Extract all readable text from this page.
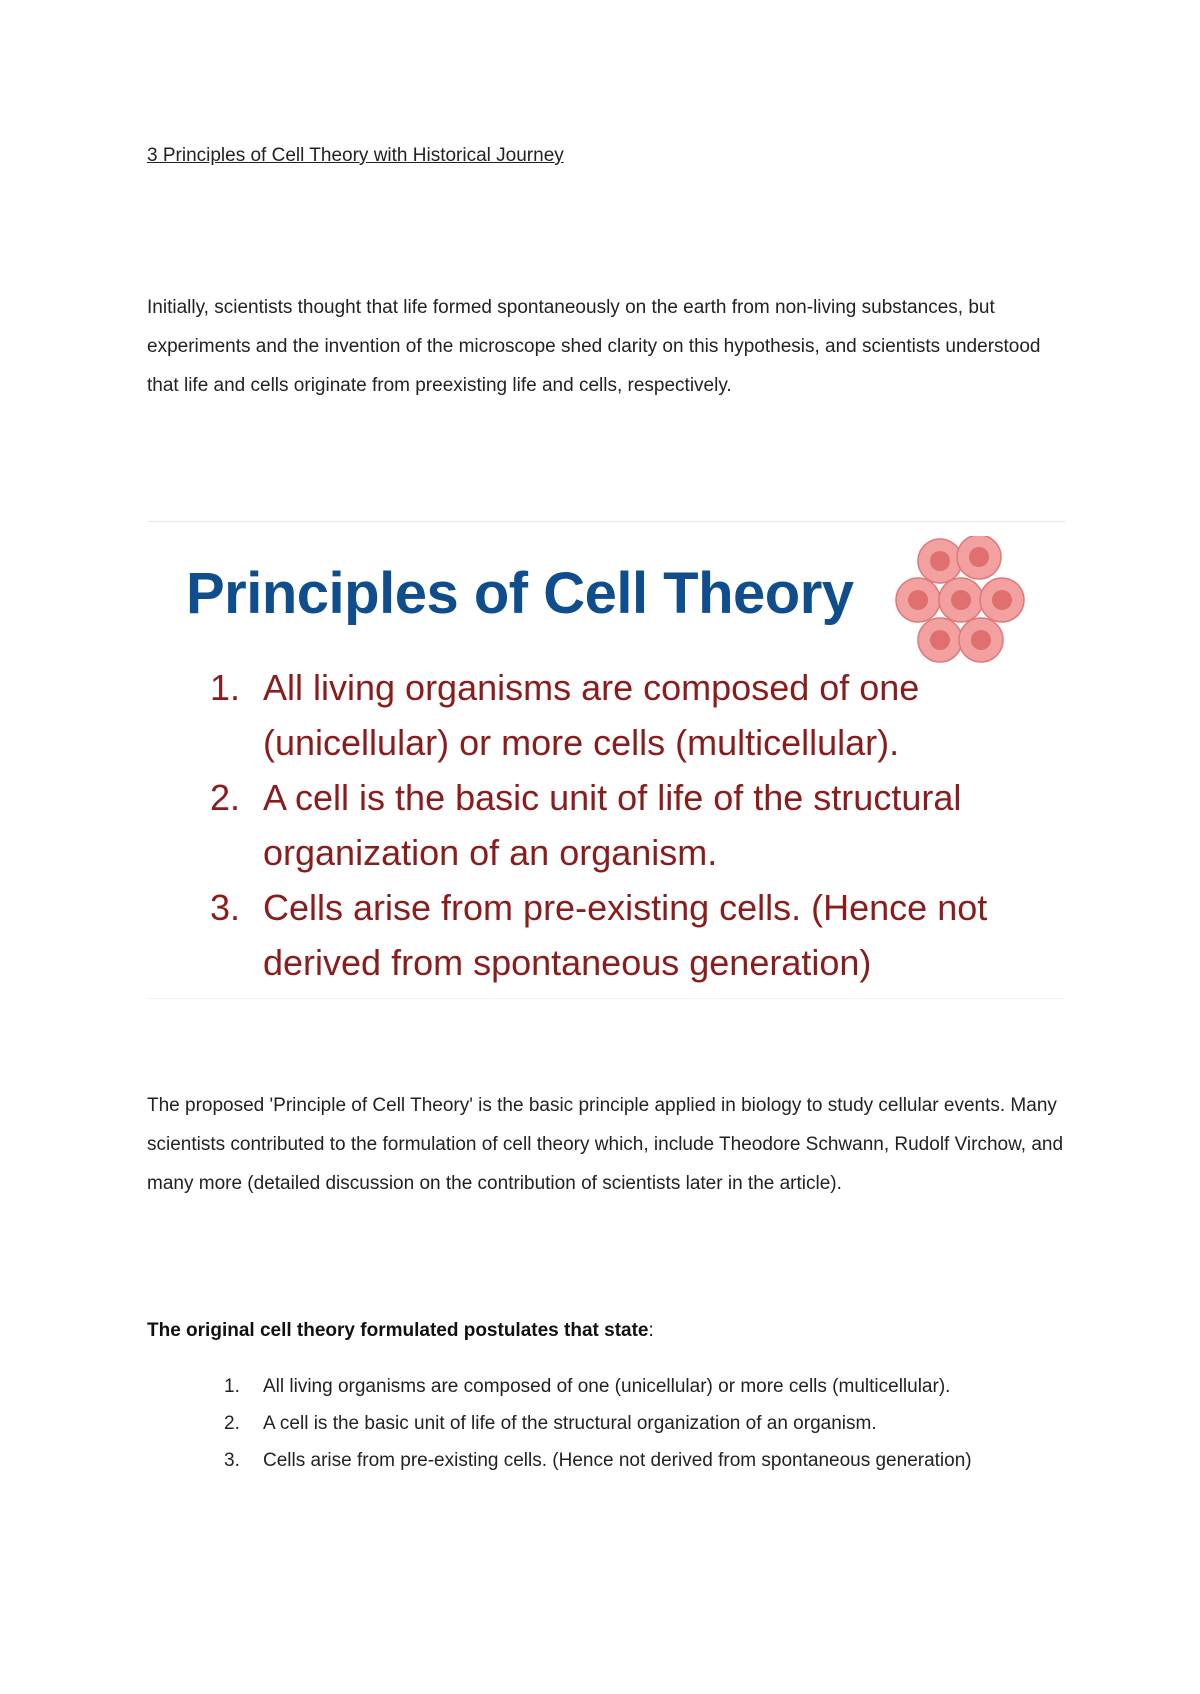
3 Principles of Cell Theory with Historical Journey

Initially, scientists thought that life formed spontaneously on the earth from non-living substances, but experiments and the invention of the microscope shed clarity on this hypothesis, and scientists understood that life and cells originate from preexisting life and cells, respectively.

Principles of Cell Theory
1. All living organisms are composed of one (unicellular) or more cells (multicellular).
2. A cell is the basic unit of life of the structural organization of an organism.
3. Cells arise from pre-existing cells. (Hence not derived from spontaneous generation)

The proposed 'Principle of Cell Theory' is the basic principle applied in biology to study cellular events. Many scientists contributed to the formulation of cell theory which, include Theodore Schwann, Rudolf Virchow, and many more (detailed discussion on the contribution of scientists later in the article).

The original cell theory formulated postulates that state:
1. All living organisms are composed of one (unicellular) or more cells (multicellular).
2. A cell is the basic unit of life of the structural organization of an organism.
3. Cells arise from pre-existing cells. (Hence not derived from spontaneous generation)
